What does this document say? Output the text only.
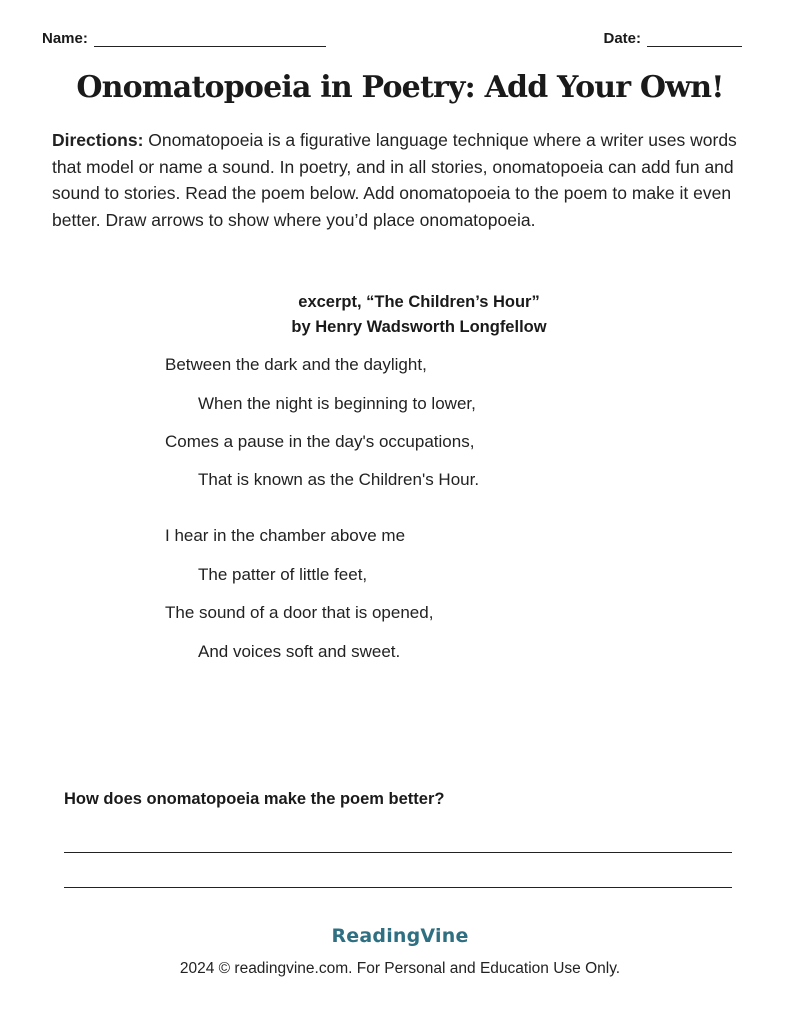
Name:	Date:
Onomatopoeia in Poetry: Add Your Own!
Directions: Onomatopoeia is a figurative language technique where a writer uses words that model or name a sound. In poetry, and in all stories, onomatopoeia can add fun and sound to stories. Read the poem below. Add onomatopoeia to the poem to make it even better. Draw arrows to show where you’d place onomatopoeia.
excerpt, “The Children’s Hour”
by Henry Wadsworth Longfellow
Between the dark and the daylight,
When the night is beginning to lower,
Comes a pause in the day's occupations,
That is known as the Children's Hour.
I hear in the chamber above me
The patter of little feet,
The sound of a door that is opened,
And voices soft and sweet.
How does onomatopoeia make the poem better?
ReadingVine
2024 © readingvine.com. For Personal and Education Use Only.
